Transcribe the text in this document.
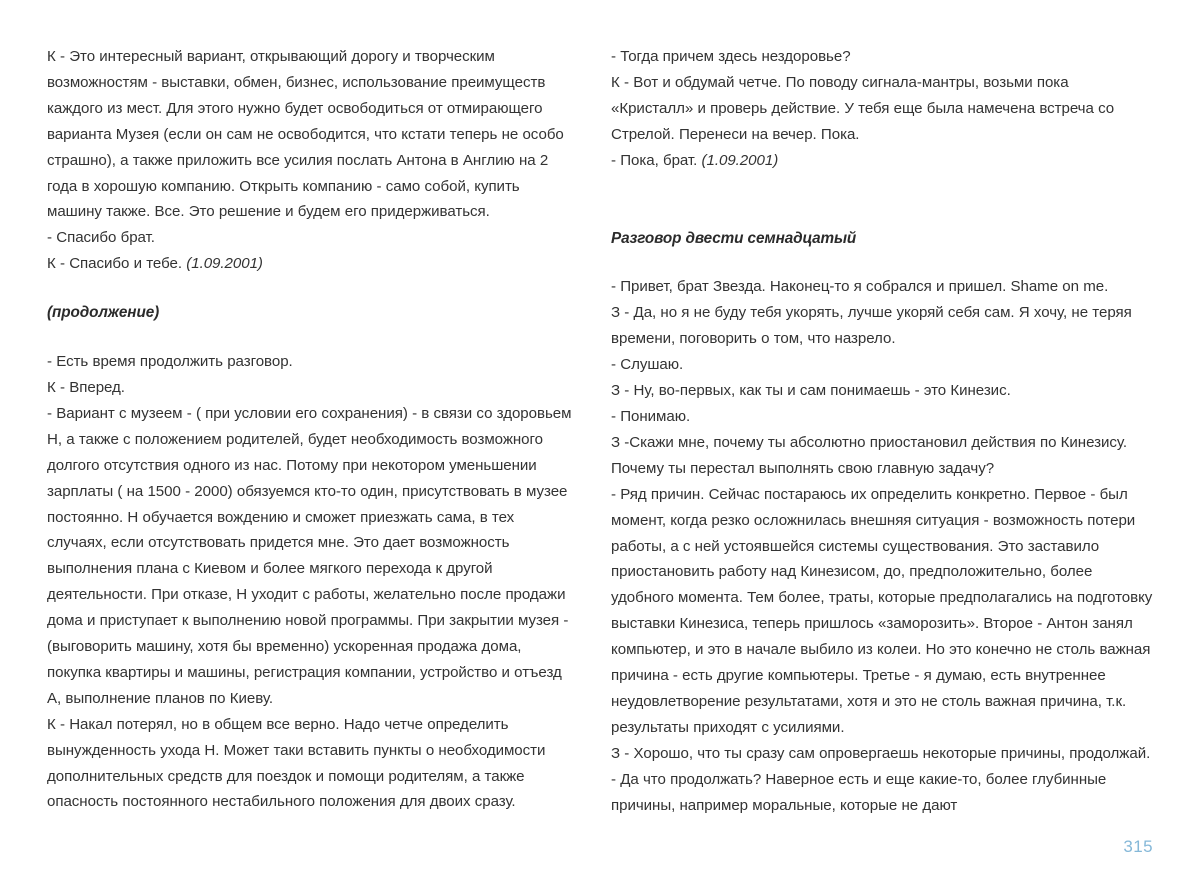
К - Это интересный вариант, открывающий дорогу и творческим возможностям - выставки, обмен, бизнес, использование преимуществ каждого из мест. Для этого нужно будет освободиться от отмирающего варианта Музея (если он сам не освободится, что кстати теперь не особо страшно), а также приложить все усилия послать Антона в Англию на 2 года в хорошую компанию. Открыть компанию - само собой, купить машину также. Все. Это решение и будем его придерживаться.

- Спасибо брат.

К - Спасибо и тебе. (1.09.2001)

(продолжение)

- Есть время продолжить разговор.

К - Вперед.

- Вариант с музеем - ( при условии его сохранения) - в связи со здоровьем Н, а также с положением родителей, будет необходимость возможного долгого отсутствия одного из нас. Потому при некотором уменьшении зарплаты ( на 1500 - 2000) обязуемся кто-то один, присутствовать в музее постоянно. Н обучается вождению и сможет приезжать сама, в тех случаях, если отсутствовать придется мне. Это дает возможность выполнения плана с Киевом и более мягкого перехода к другой деятельности. При отказе, Н уходит с работы, желательно после продажи дома и приступает к выполнению новой программы. При закрытии музея - (выговорить машину, хотя бы временно) ускоренная продажа дома, покупка квартиры и машины, регистрация компании, устройство и отъезд А, выполнение планов по Киеву.

К - Накал потерял, но в общем все верно. Надо четче определить вынужденность ухода Н. Может таки вставить пункты о необходимости дополнительных средств для поездок и помощи родителям, а также опасность постоянного нестабильного положения для двоих сразу.

- Тогда причем здесь нездоровье?

К - Вот и обдумай четче. По поводу сигнала-мантры, возьми пока «Кристалл» и проверь действие. У тебя еще была намечена встреча со Стрелой. Перенеси на вечер. Пока.

- Пока, брат. (1.09.2001)

Разговор двести семнадцатый

- Привет, брат Звезда. Наконец-то я собрался и пришел. Shame on me.

З - Да, но я не буду тебя укорять, лучше укоряй себя сам. Я хочу, не теряя времени, поговорить о том, что назрело.

- Слушаю.

З - Ну, во-первых, как ты и сам понимаешь - это Кинезис.

- Понимаю.

З -Скажи мне, почему ты абсолютно приостановил действия по Кинезису. Почему ты перестал выполнять свою главную задачу?

- Ряд причин. Сейчас постараюсь их определить конкретно. Первое - был момент, когда резко осложнилась внешняя ситуация - возможность потери работы, а с ней устоявшейся системы существования. Это заставило приостановить работу над Кинезисом, до, предположительно, более удобного момента. Тем более, траты, которые предполагались на подготовку выставки Кинезиса, теперь пришлось «заморозить». Второе - Антон занял компьютер, и это в начале выбило из колеи. Но это конечно не столь важная причина - есть другие компьютеры. Третье - я думаю, есть внутреннее неудовлетворение результатами, хотя и это не столь важная причина, т.к. результаты приходят с усилиями.

З - Хорошо, что ты сразу сам опровергаешь некоторые причины, продолжай.

- Да что продолжать? Наверное есть и еще какие-то, более глубинные причины, например моральные, которые не дают

315
